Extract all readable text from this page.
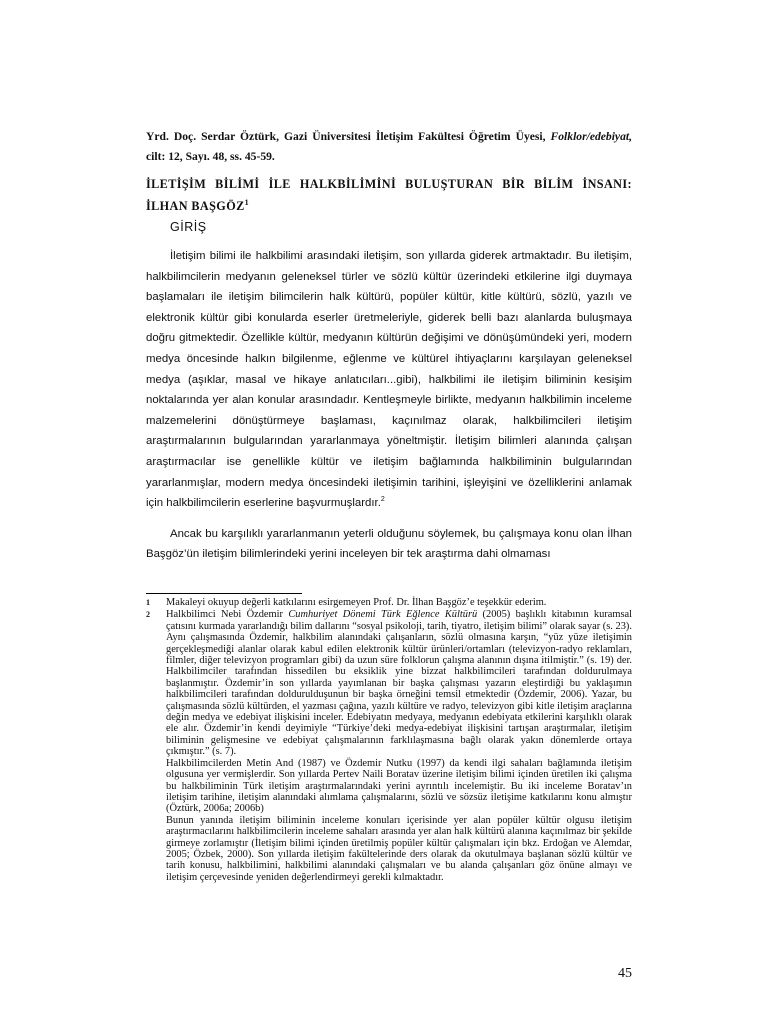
Yrd. Doç. Serdar Öztürk, Gazi Üniversitesi İletişim Fakültesi Öğretim Üyesi, Folklor/edebiyat, cilt: 12, Sayı. 48, ss. 45-59.
İLETİŞİM BİLİMİ İLE HALKBİLİMİNİ BULUŞTURAN BİR BİLİM İNSANI: İLHAN BAŞGÖZ$^1$
GİRİŞ

İletişim bilimi ile halkbilimi arasındaki iletişim, son yıllarda giderek artmaktadır. Bu iletişim, halkbilimcilerin medyanın geleneksel türler ve sözlü kültür üzerindeki etkilerine ilgi duymaya başlamaları ile iletişim bilimcilerin halk kültürü, popüler kültür, kitle kültürü, sözlü, yazılı ve elektronik kültür gibi konularda eserler üretmeleriyle, giderek belli bazı alanlarda buluşmaya doğru gitmektedir. Özellikle kültür, medyanın kültürün değişimi ve dönüşümündeki yeri, modern medya öncesinde halkın bilgilenme, eğlenme ve kültürel ihtiyaçlarını karşılayan geleneksel medya (aşıklar, masal ve hikaye anlatıcıları...gibi), halkbilimi ile iletişim biliminin kesişim noktalarında yer alan konular arasındadır. Kentleşmeyle birlikte, medyanın halkbilimin inceleme malzemelerini dönüştürmeye başlaması, kaçınılmaz olarak, halkbilimcileri iletişim araştırmalarının bulgularından yararlanmaya yöneltmiştir. İletişim bilimleri alanında çalışan araştırmacılar ise genellikle kültür ve iletişim bağlamında halkbiliminin bulgularından yararlanmışlar, modern medya öncesindeki iletişimin tarihini, işleyişini ve özelliklerini anlamak için halkbilimcilerin eserlerine başvurmuşlardır.$^2$

Ancak bu karşılıklı yararlanmanın yeterli olduğunu söylemek, bu çalışmaya konu olan İlhan Başgöz’ün iletişim bilimlerindeki yerini inceleyen bir tek araştırma dahi olmaması

1	Makaleyi okuyup değerli katkılarını esirgemeyen Prof. Dr. İlhan Başgöz’e teşekkür ederim.

2	Halkbilimci Nebi Özdemir Cumhuriyet Dönemi Türk Eğlence Kültürü (2005) başlıklı kitabının kuramsal çatısını kurmada yararlandığı bilim dallarını “sosyal psikoloji, tarih, tiyatro, iletişim bilimi” olarak sayar (s. 23). Aynı çalışmasında Özdemir, halkbilim alanındaki çalışanların, sözlü olmasına karşın, “yüz yüze iletişimin gerçekleşmediği alanlar olarak kabul edilen elektronik kültür ürünleri/ortamları (televizyon-radyo reklamları, filmler, diğer televizyon programları gibi) da uzun süre folklorun çalışma alanının dışına itilmiştir.” (s. 19) der. Halkbilimciler tarafından hissedilen bu eksiklik yine bizzat halkbilimcileri tarafından doldurulmaya başlanmıştır. Özdemir’in son yıllarda yayımlanan bir başka çalışması yazarın eleştirdiği bu yaklaşımın halkbilimcileri tarafından doldurulduşunun bir başka örneğini temsil etmektedir (Özdemir, 2006). Yazar, bu çalışmasında sözlü kültürden, el yazması çağına, yazılı kültüre ve radyo, televizyon gibi kitle iletişim araçlarına değin medya ve edebiyat ilişkisini inceler. Edebiyatın medyaya, medyanın edebiyata etkilerini karşılıklı olarak ele alır. Özdemir’in kendi deyimiyle “Türkiye’deki medya-edebiyat ilişkisini tartışan araştırmalar, iletişim biliminin gelişmesine ve edebiyat çalışmalarının farklılaşmasına bağlı olarak yakın dönemlerde ortaya çıkmıştır.” (s. 7).

Halkbilimcilerden Metin And (1987) ve Özdemir Nutku (1997) da kendi ilgi sahaları bağlamında iletişim olgusuna yer vermişlerdir. Son yıllarda Pertev Naili Boratav üzerine iletişim bilimi içinden üretilen iki çalışma bu halkbiliminin Türk iletişim araştırmalarındaki yerini ayrıntılı incelemiştir. Bu iki inceleme Boratav’ın iletişim tarihine, iletişim alanındaki alımlama çalışmalarını, sözlü ve sözsüz iletişime katkılarını konu almıştır (Öztürk, 2006a; 2006b)

Bunun yanında iletişim biliminin inceleme konuları içerisinde yer alan popüler kültür olgusu iletişim araştırmacılarını halkbilimcilerin inceleme sahaları arasında yer alan halk kültürü alanına kaçınılmaz bir şekilde girmeye zorlamıştır (İletişim bilimi içinden üretilmiş popüler kültür çalışmaları için bkz. Erdoğan ve Alemdar, 2005; Özbek, 2000). Son yıllarda iletişim fakültelerinde ders olarak da okutulmaya başlanan sözlü kültür ve tarih konusu, halkbilimini, halkbilimi alanındaki çalışmaları ve bu alanda çalışanları göz önüne almayı ve iletişim çerçevesinde yeniden değerlendirmeyi gerekli kılmaktadır.

45
